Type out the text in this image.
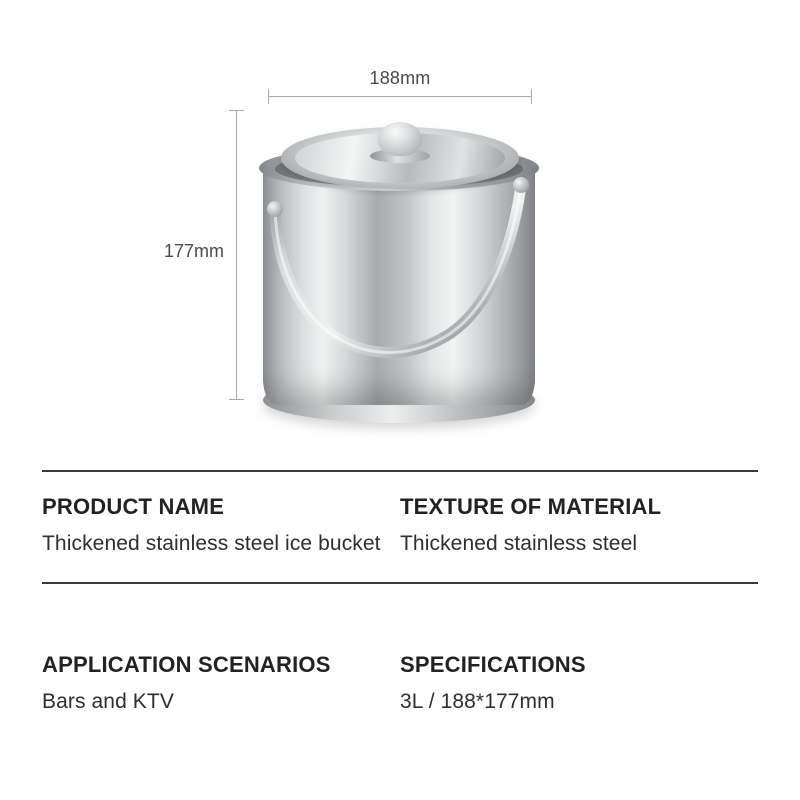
188mm
177mm
PRODUCT NAME
Thickened stainless steel ice bucket
TEXTURE OF MATERIAL
Thickened stainless steel
APPLICATION SCENARIOS
Bars and KTV
SPECIFICATIONS
3L / 188*177mm
